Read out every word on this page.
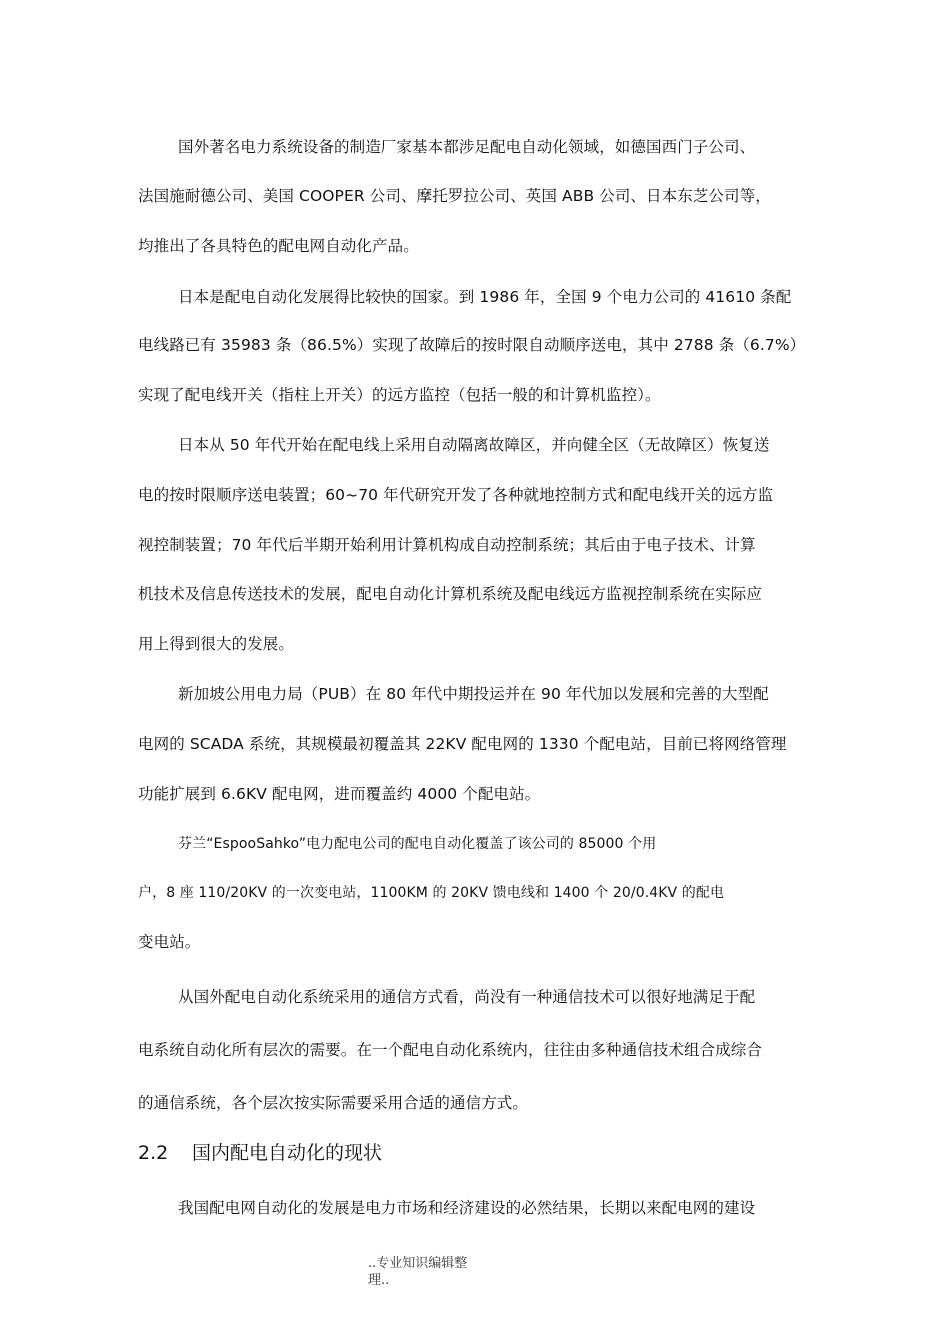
国外著名电力系统设备的制造厂家基本都涉足配电自动化领域，如德国西门子公司、
法国施耐德公司、美国 COOPER 公司、摩托罗拉公司、英国 ABB 公司、日本东芝公司等，
均推出了各具特色的配电网自动化产品。
日本是配电自动化发展得比较快的国家。到 1986 年，全国 9 个电力公司的 41610 条配
电线路已有 35983 条（86.5%）实现了故障后的按时限自动顺序送电，其中 2788 条（6.7%）
实现了配电线开关（指柱上开关）的远方监控（包括一般的和计算机监控）。
日本从 50 年代开始在配电线上采用自动隔离故障区，并向健全区（无故障区）恢复送
电的按时限顺序送电装置；60~70 年代研究开发了各种就地控制方式和配电线开关的远方监
视控制装置；70 年代后半期开始利用计算机构成自动控制系统；其后由于电子技术、计算
机技术及信息传送技术的发展，配电自动化计算机系统及配电线远方监视控制系统在实际应
用上得到很大的发展。
新加坡公用电力局（PUB）在 80 年代中期投运并在 90 年代加以发展和完善的大型配
电网的 SCADA 系统，其规模最初覆盖其 22KV 配电网的 1330 个配电站，目前已将网络管理
功能扩展到 6.6KV 配电网，进而覆盖约 4000 个配电站。
芬兰“EspooSahko”电力配电公司的配电自动化覆盖了该公司的 85000 个用
户，8 座 110/20KV 的一次变电站，1100KM 的 20KV 馈电线和 1400 个 20/0.4KV 的配电
变电站。
从国外配电自动化系统采用的通信方式看，尚没有一种通信技术可以很好地满足于配
电系统自动化所有层次的需要。在一个配电自动化系统内，往往由多种通信技术组合成综合
的通信系统，各个层次按实际需要采用合适的通信方式。
2.2 国内配电自动化的现状
我国配电网自动化的发展是电力市场和经济建设的必然结果，长期以来配电网的建设
..专业知识编辑整
理..
